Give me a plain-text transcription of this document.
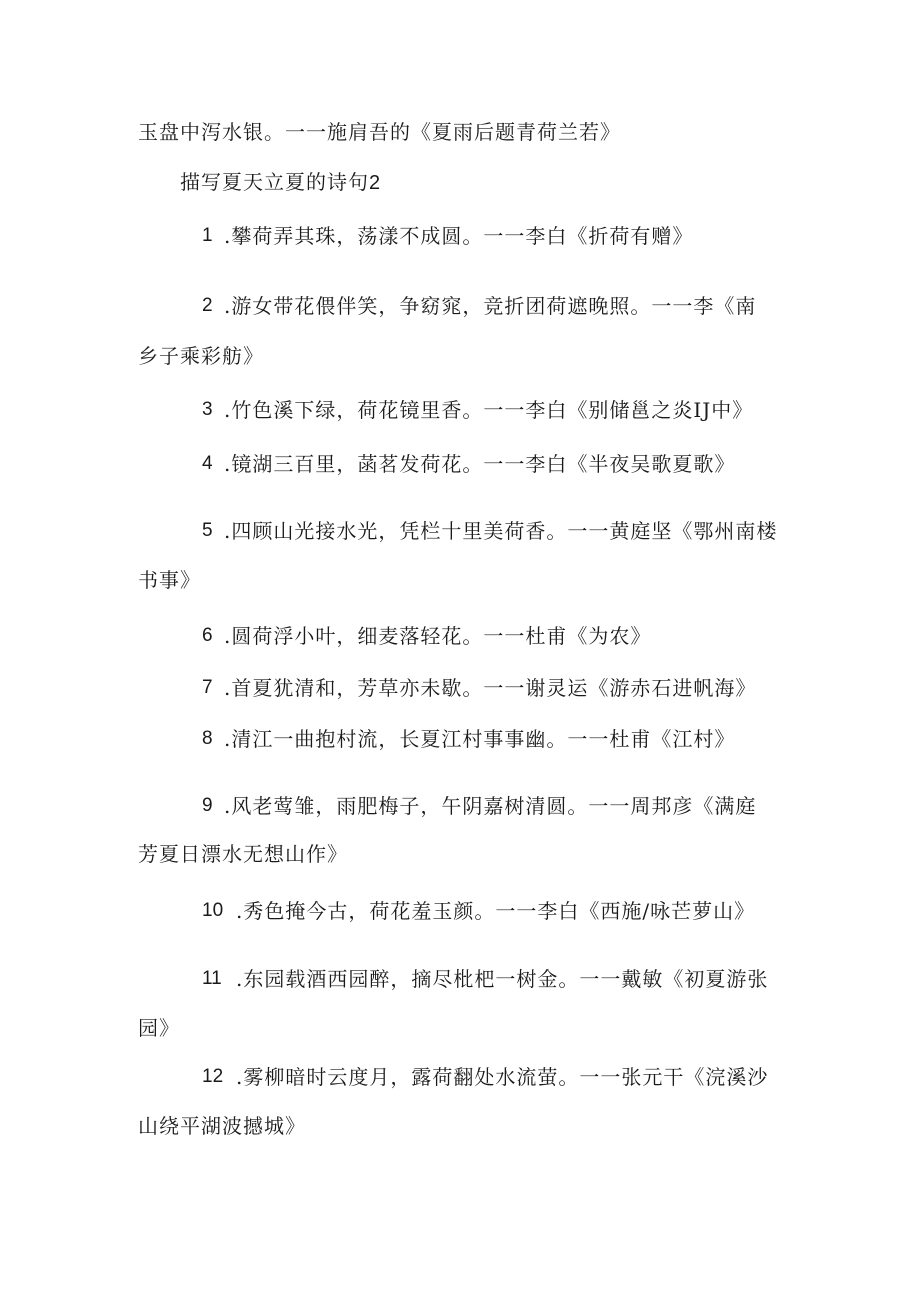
玉盘中泻水银。一一施肩吾的《夏雨后题青荷兰若》
描写夏天立夏的诗句2
1 .攀荷弄其珠，荡漾不成圆。一一李白《折荷有赠》
2 .游女带花偎伴笑，争窈窕，竞折团荷遮晚照。一一李《南
乡子乘彩舫》
3 .竹色溪下绿，荷花镜里香。一一李白《别储邕之炎IJ中》
4 .镜湖三百里，菡茗发荷花。一一李白《半夜吴歌夏歌》
5 .四顾山光接水光，凭栏十里美荷香。一一黄庭坚《鄂州南楼
书事》
6 .圆荷浮小叶，细麦落轻花。一一杜甫《为农》
7 .首夏犹清和，芳草亦未歇。一一谢灵运《游赤石进帆海》
8 .清江一曲抱村流，长夏江村事事幽。一一杜甫《江村》
9 .风老莺雏，雨肥梅子，午阴嘉树清圆。一一周邦彦《满庭
芳夏日漂水无想山作》
10 .秀色掩今古，荷花羞玉颜。一一李白《西施/咏芒萝山》
11 .东园载酒西园醉，摘尽枇杷一树金。一一戴敏《初夏游张
园》
12 .雾柳暗时云度月，露荷翻处水流萤。一一张元干《浣溪沙
山绕平湖波撼城》
